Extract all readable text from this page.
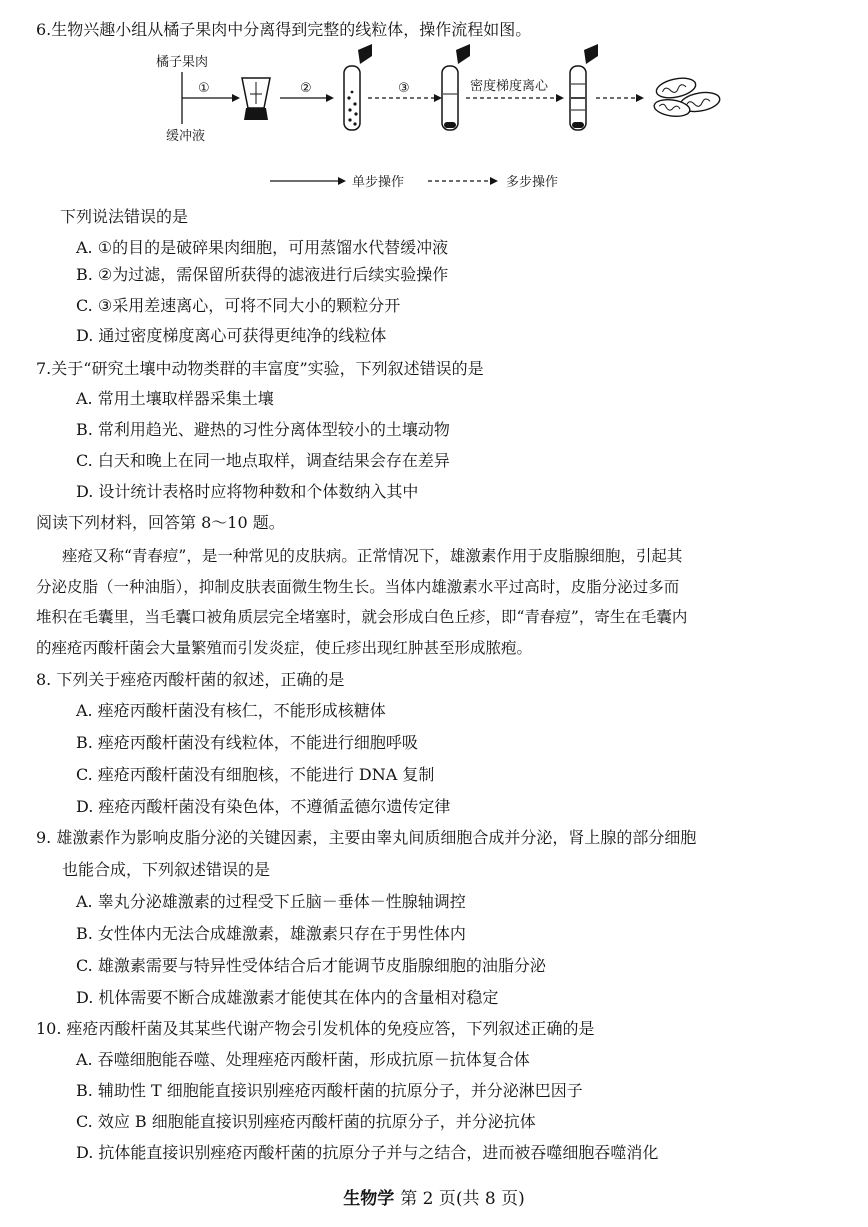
6.生物兴趣小组从橘子果肉中分离得到完整的线粒体，操作流程如图。
橘子果肉
缓冲液
①	②	③	密度梯度离心
单步操作	多步操作
下列说法错误的是
A. ①的目的是破碎果肉细胞，可用蒸馏水代替缓冲液
B. ②为过滤，需保留所获得的滤液进行后续实验操作
C. ③采用差速离心，可将不同大小的颗粒分开
D. 通过密度梯度离心可获得更纯净的线粒体
7.关于“研究土壤中动物类群的丰富度”实验，下列叙述错误的是
A. 常用土壤取样器采集土壤
B. 常利用趋光、避热的习性分离体型较小的土壤动物
C. 白天和晚上在同一地点取样，调查结果会存在差异
D. 设计统计表格时应将物种数和个体数纳入其中
阅读下列材料，回答第 8～10 题。
痤疮又称“青春痘”，是一种常见的皮肤病。正常情况下，雄激素作用于皮脂腺细胞，引起其
分泌皮脂（一种油脂），抑制皮肤表面微生物生长。当体内雄激素水平过高时，皮脂分泌过多而
堆积在毛囊里，当毛囊口被角质层完全堵塞时，就会形成白色丘疹，即“青春痘”，寄生在毛囊内
的痤疮丙酸杆菌会大量繁殖而引发炎症，使丘疹出现红肿甚至形成脓疱。
8. 下列关于痤疮丙酸杆菌的叙述，正确的是
A. 痤疮丙酸杆菌没有核仁，不能形成核糖体
B. 痤疮丙酸杆菌没有线粒体，不能进行细胞呼吸
C. 痤疮丙酸杆菌没有细胞核，不能进行 DNA 复制
D. 痤疮丙酸杆菌没有染色体，不遵循孟德尔遗传定律
9. 雄激素作为影响皮脂分泌的关键因素，主要由睾丸间质细胞合成并分泌，肾上腺的部分细胞
也能合成，下列叙述错误的是
A. 睾丸分泌雄激素的过程受下丘脑－垂体－性腺轴调控
B. 女性体内无法合成雄激素，雄激素只存在于男性体内
C. 雄激素需要与特异性受体结合后才能调节皮脂腺细胞的油脂分泌
D. 机体需要不断合成雄激素才能使其在体内的含量相对稳定
10. 痤疮丙酸杆菌及其某些代谢产物会引发机体的免疫应答，下列叙述正确的是
A. 吞噬细胞能吞噬、处理痤疮丙酸杆菌，形成抗原－抗体复合体
B. 辅助性 T 细胞能直接识别痤疮丙酸杆菌的抗原分子，并分泌淋巴因子
C. 效应 B 细胞能直接识别痤疮丙酸杆菌的抗原分子，并分泌抗体
D. 抗体能直接识别痤疮丙酸杆菌的抗原分子并与之结合，进而被吞噬细胞吞噬消化
生物学 第 2 页(共 8 页)
